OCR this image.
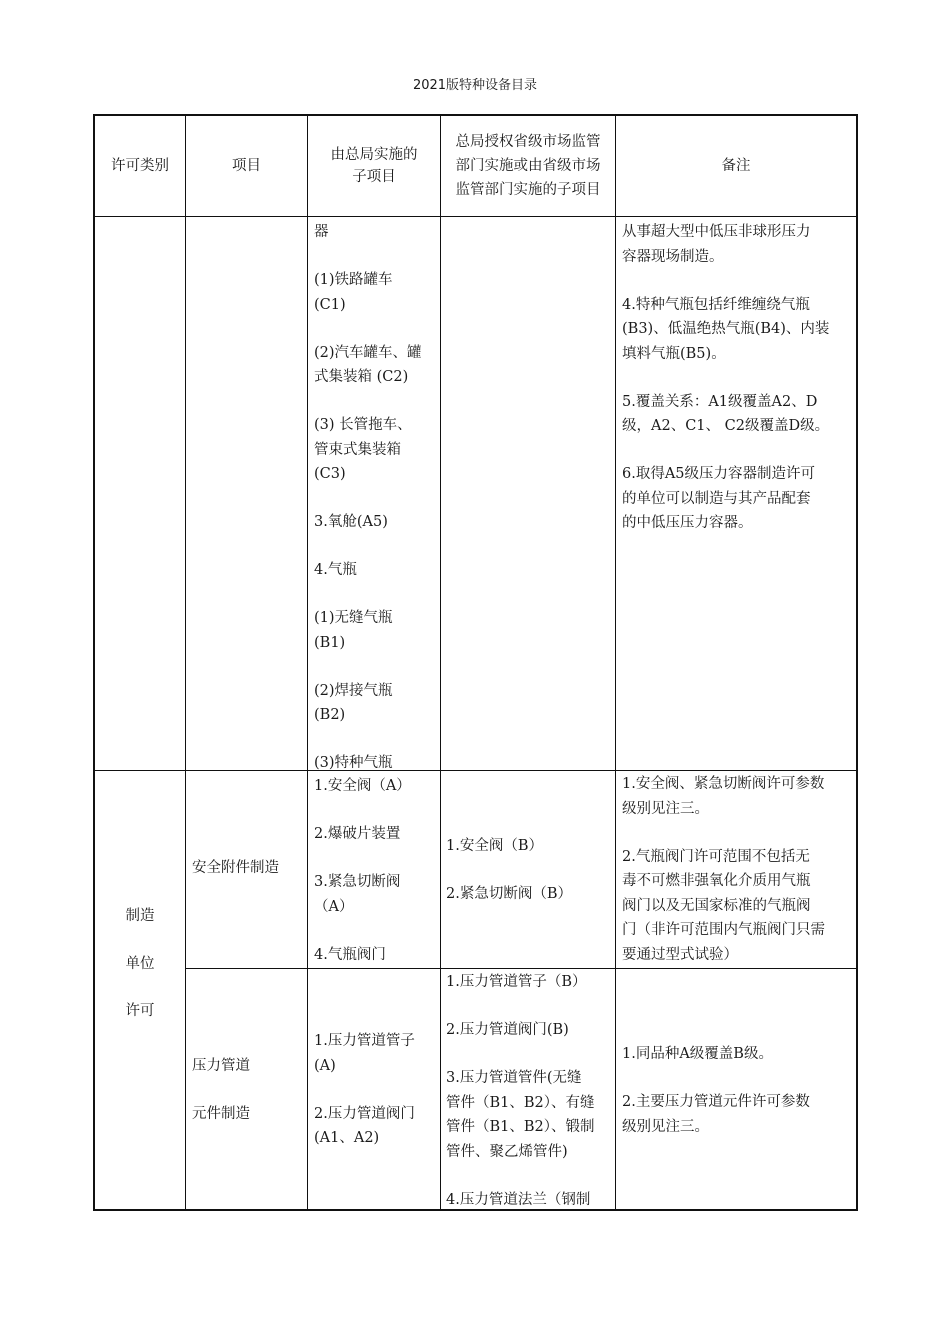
2021版特种设备目录
许可类别	项目
由总局实施的子项目
总局授权省级市场监管部门实施或由省级市场监管部门实施的子项目
备注

器

(1)铁路罐车
(C1)

(2)汽车罐车、罐
式集装箱 (C2)

(3) 长管拖车、
管束式集装箱
(C3)

3.氧舱(A5)

4.气瓶

(1)无缝气瓶
(B1)

(2)焊接气瓶
(B2)

(3)特种气瓶

从事超大型中低压非球形压力
容器现场制造。

4.特种气瓶包括纤维缠绕气瓶
(B3)、低温绝热气瓶(B4)、内装
填料气瓶(B5)。

5.覆盖关系：A1级覆盖A2、D
级，A2、C1、 C2级覆盖D级。

6.取得A5级压力容器制造许可
的单位可以制造与其产品配套
的中低压压力容器。

制造

单位

许可

安全附件制造

1.安全阀（A）

2.爆破片装置

3.紧急切断阀
（A）

4.气瓶阀门

1.安全阀（B）

2.紧急切断阀（B）

1.安全阀、紧急切断阀许可参数
级别见注三。

2.气瓶阀门许可范围不包括无
毒不可燃非强氧化介质用气瓶
阀门以及无国家标准的气瓶阀
门（非许可范围内气瓶阀门只需
要通过型式试验）

压力管道

元件制造

1.压力管道管子
(A)

2.压力管道阀门
(A1、A2)

1.压力管道管子（B）

2.压力管道阀门(B)

3.压力管道管件(无缝
管件（B1、B2）、有缝
管件（B1、B2）、锻制
管件、聚乙烯管件)

4.压力管道法兰（钢制

1.同品种A级覆盖B级。

2.主要压力管道元件许可参数
级别见注三。
